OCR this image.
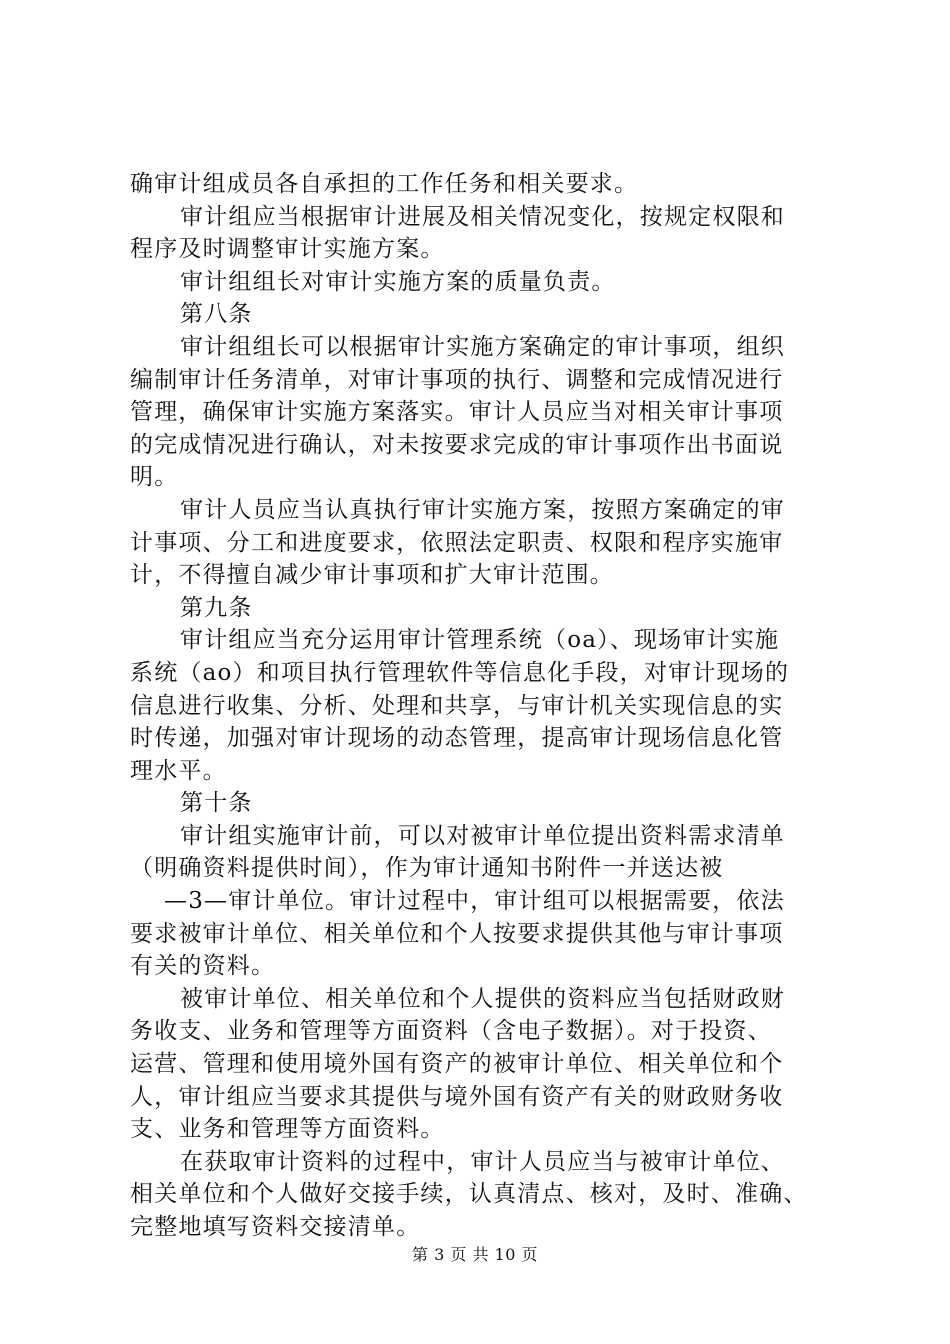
确审计组成员各自承担的工作任务和相关要求。
审计组应当根据审计进展及相关情况变化，按规定权限和
程序及时调整审计实施方案。
审计组组长对审计实施方案的质量负责。
第八条
审计组组长可以根据审计实施方案确定的审计事项，组织
编制审计任务清单，对审计事项的执行、调整和完成情况进行
管理，确保审计实施方案落实。审计人员应当对相关审计事项
的完成情况进行确认，对未按要求完成的审计事项作出书面说
明。
审计人员应当认真执行审计实施方案，按照方案确定的审
计事项、分工和进度要求，依照法定职责、权限和程序实施审
计，不得擅自减少审计事项和扩大审计范围。
第九条
审计组应当充分运用审计管理系统（oa）、现场审计实施
系统（ao）和项目执行管理软件等信息化手段，对审计现场的
信息进行收集、分析、处理和共享，与审计机关实现信息的实
时传递，加强对审计现场的动态管理，提高审计现场信息化管
理水平。
第十条
审计组实施审计前，可以对被审计单位提出资料需求清单
（明确资料提供时间），作为审计通知书附件一并送达被
—3—审计单位。审计过程中，审计组可以根据需要，依法
要求被审计单位、相关单位和个人按要求提供其他与审计事项
有关的资料。
被审计单位、相关单位和个人提供的资料应当包括财政财
务收支、业务和管理等方面资料（含电子数据）。对于投资、
运营、管理和使用境外国有资产的被审计单位、相关单位和个
人，审计组应当要求其提供与境外国有资产有关的财政财务收
支、业务和管理等方面资料。
在获取审计资料的过程中，审计人员应当与被审计单位、
相关单位和个人做好交接手续，认真清点、核对，及时、准确、
完整地填写资料交接清单。
第 3 页 共 10 页
